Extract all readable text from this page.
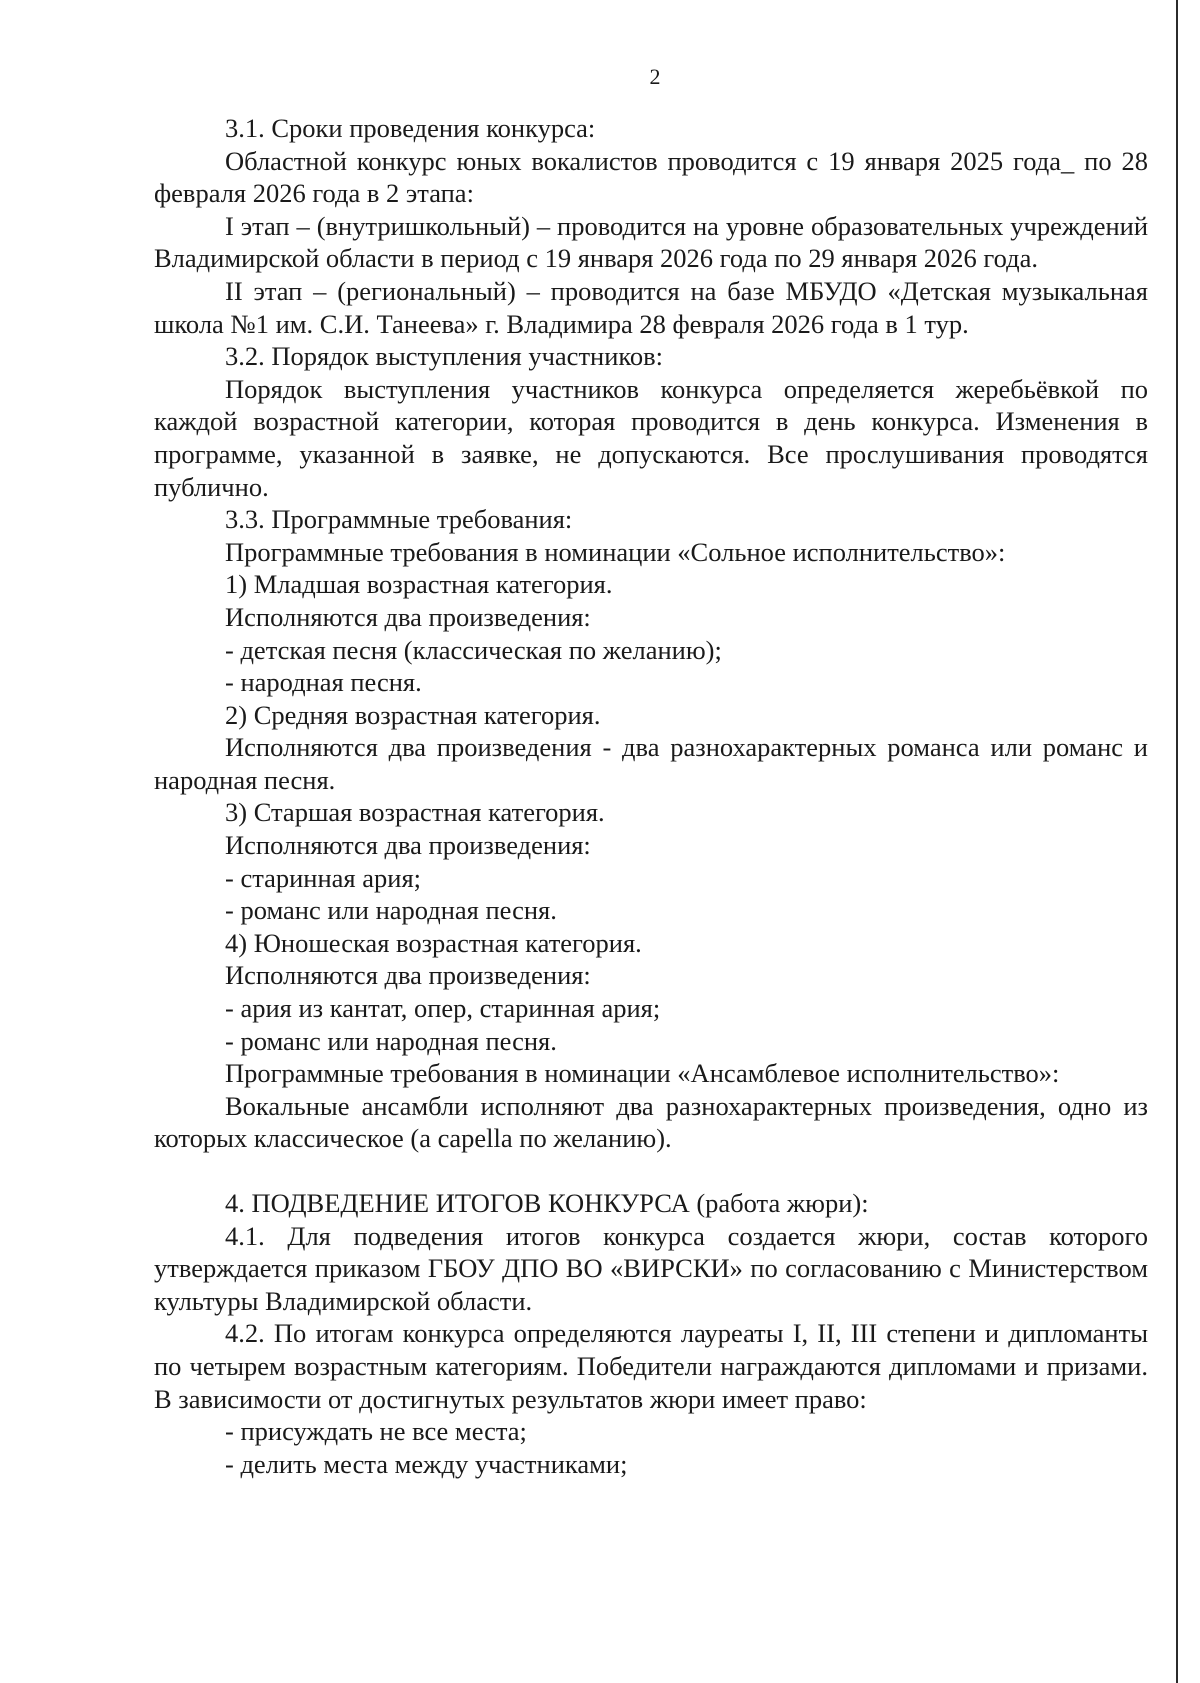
2

3.1. Сроки проведения конкурса:

Областной конкурс юных вокалистов проводится с 19 января 2025 года_ по 28 февраля 2026 года в 2 этапа:

I этап – (внутришкольный) – проводится на уровне образовательных учреждений Владимирской области в период с 19 января 2026 года по 29 января 2026 года.

II этап – (региональный) – проводится на базе МБУДО «Детская музыкальная школа №1 им. С.И. Танеева» г. Владимира 28 февраля 2026 года в 1 тур.

3.2. Порядок выступления участников:

Порядок выступления участников конкурса определяется жеребьёвкой по каждой возрастной категории, которая проводится в день конкурса. Изменения в программе, указанной в заявке, не допускаются. Все прослушивания проводятся публично.

3.3. Программные требования:

Программные требования в номинации «Сольное исполнительство»:

1) Младшая возрастная категория.

Исполняются два произведения:

- детская песня (классическая по желанию);

- народная песня.

2) Средняя возрастная категория.

Исполняются два произведения - два разнохарактерных романса или романс и народная песня.

3) Старшая возрастная категория.

Исполняются два произведения:

- старинная ария;

- романс или народная песня.

4) Юношеская возрастная категория.

Исполняются два произведения:

- ария из кантат, опер, старинная ария;

- романс или народная песня.

Программные требования в номинации «Ансамблевое исполнительство»:

Вокальные ансамбли исполняют два разнохарактерных произведения, одно из которых классическое (а capella по желанию).

4. ПОДВЕДЕНИЕ ИТОГОВ КОНКУРСА (работа жюри):

4.1. Для подведения итогов конкурса создается жюри, состав которого утверждается приказом ГБОУ ДПО ВО «ВИРСКИ» по согласованию с Министерством культуры Владимирской области.

4.2. По итогам конкурса определяются лауреаты I, II, III степени и дипломанты по четырем возрастным категориям. Победители награждаются дипломами и призами. В зависимости от достигнутых результатов жюри имеет право:

- присуждать не все места;

- делить места между участниками;
